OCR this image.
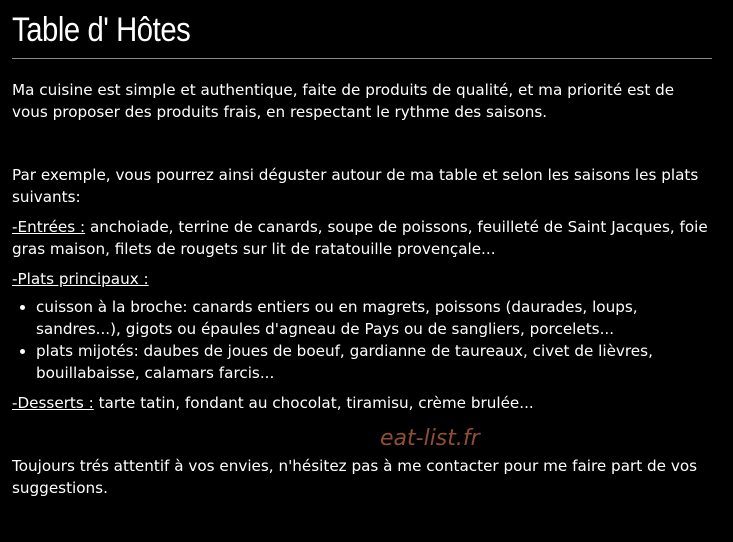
Table d' Hôtes

Ma cuisine est simple et authentique, faite de produits de qualité, et ma priorité est de vous proposer des produits frais, en respectant le rythme des saisons.

Par exemple, vous pourrez ainsi déguster autour de ma table et selon les saisons les plats suivants:

-Entrées : anchoiade, terrine de canards, soupe de poissons, feuilleté de Saint Jacques, foie gras maison, filets de rougets sur lit de ratatouille provençale...

-Plats principaux :

• cuisson à la broche: canards entiers ou en magrets, poissons (daurades, loups, sandres...), gigots ou épaules d'agneau de Pays ou de sangliers, porcelets...
• plats mijotés: daubes de joues de boeuf, gardianne de taureaux, civet de lièvres, bouillabaisse, calamars farcis...

-Desserts : tarte tatin, fondant au chocolat, tiramisu, crème brulée...

Toujours trés attentif à vos envies, n'hésitez pas à me contacter pour me faire part de vos suggestions.

eat-list.fr
